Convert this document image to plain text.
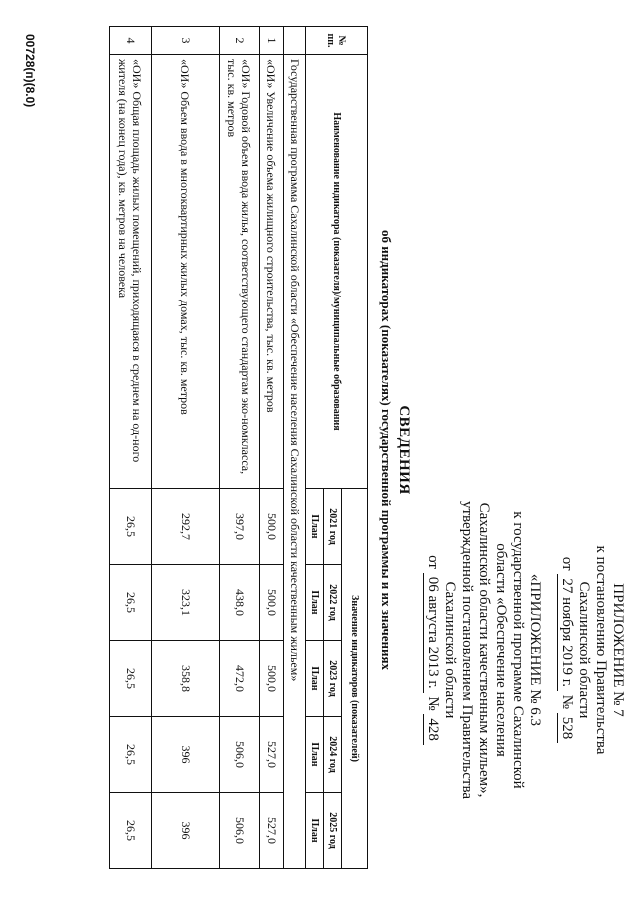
ПРИЛОЖЕНИЕ № 7
к постановлению Правительства
Сахалинской области
от 27 ноября 2019 г. № 528
«ПРИЛОЖЕНИЕ № 6.3
к государственной программе Сахалинской
области «Обеспечение населения
Сахалинской области качественным жильем»,
утвержденной постановлением Правительства
Сахалинской области
от 06 августа 2013 г. № 428
СВЕДЕНИЯ
об индикаторах (показателях) государственной программы и их значениях
№ пп.	Наименование индикатора (показателя)/муниципальные образования	Значение индикаторов (показателей)				
		2021 год	2022 год	2023 год	2024 год	2025 год
		План	План	План	План	План
	Государственная программа Сахалинской области «Обеспечение населения Сахалинской области качественным жильем»					
1	«ОИ» Увеличение объема жилищного строительства, тыс. кв. метров	500,0	500,0	500,0	527,0	527,0
2	«ОИ» Годовой объем ввода жилья, соответствующего стандартам эко-номкласса, тыс. кв. метров	397,0	438,0	472,0	506,0	506,0
3	«ОИ» Объем ввода в многоквартирных жилых домах, тыс. кв. метров	292,7	323,1	358,8	396	396
4	«ОИ» Общая площадь жилых помещений, приходящаяся в среднем на од-ного жителя (на конец года), кв. метров на человека	26,5	26,5	26,5	26,5	26,5
00728(п)(8.0)
